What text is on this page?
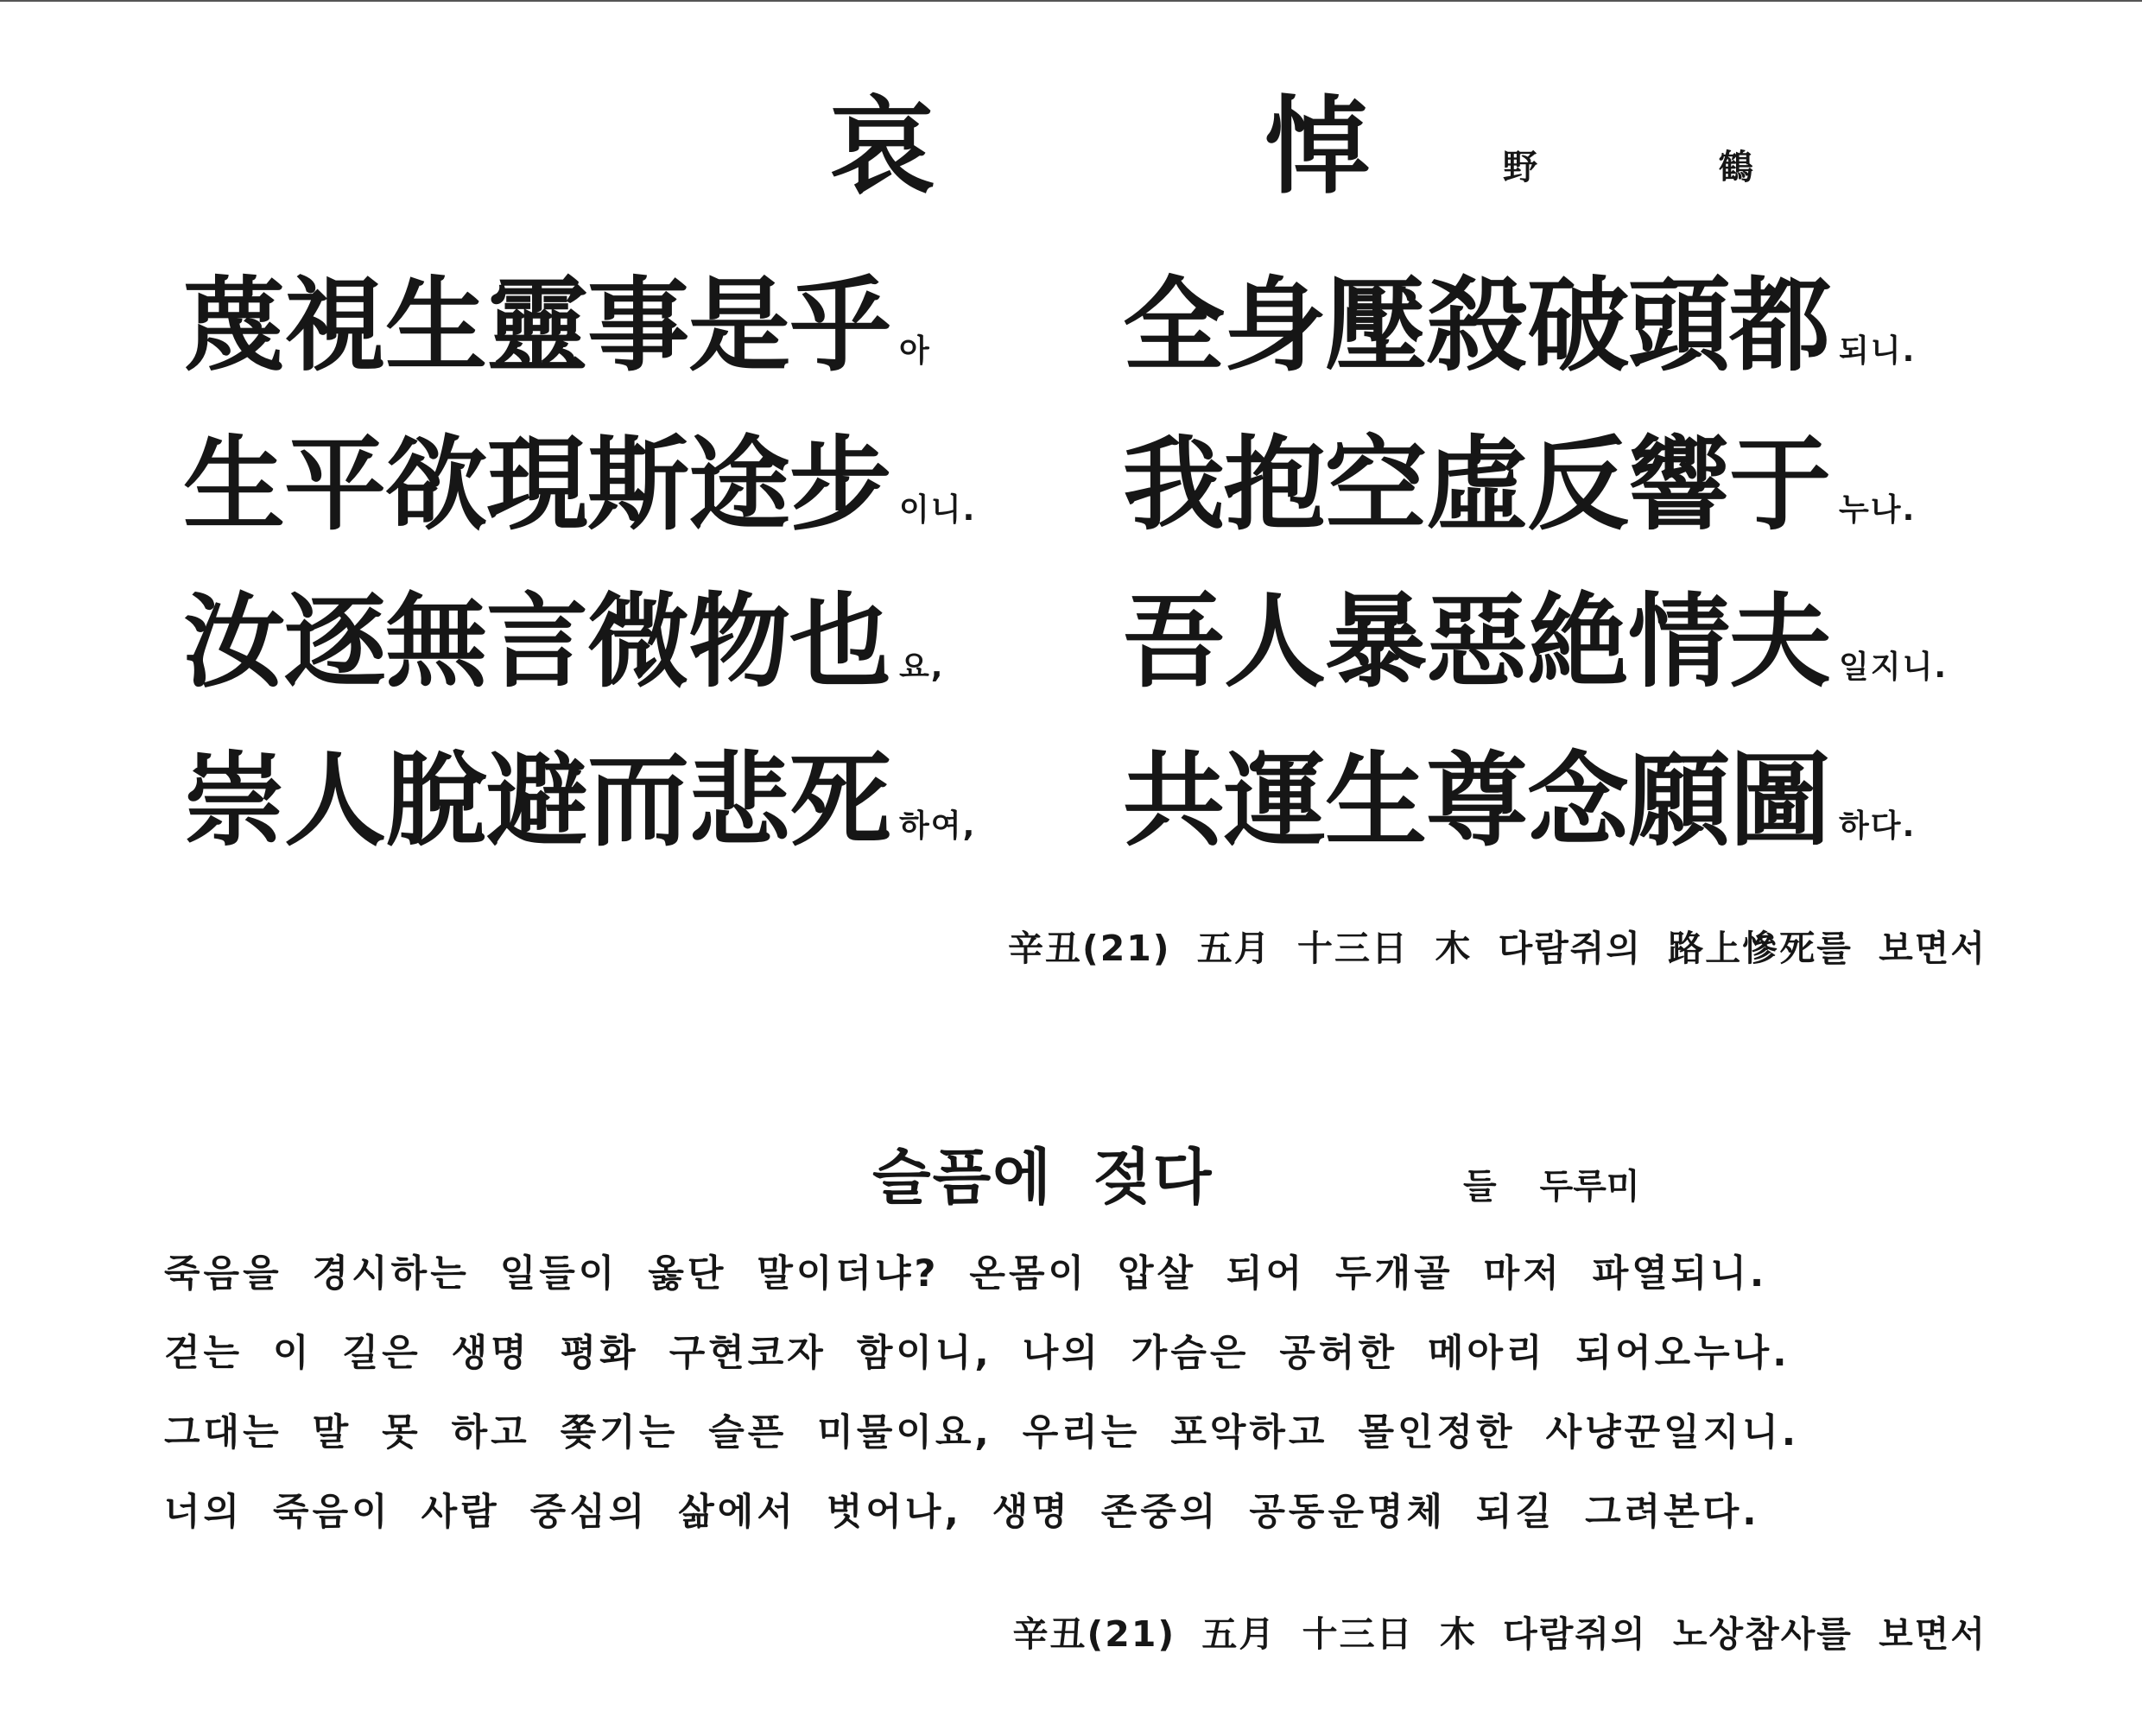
哀 悼
野 鶴
蔑視生靈事是乎 아
生平欲現斯途步 이니.
汝逐無言微物也 요,
崇人脫避而悲死 하여,
全身壓殺破頭都 되니.
我抱空虛反響于 누나.
吾人暴惡絶情夫 일지니.
共運生尊念願圖 하다.
辛丑(21) 五月 十三日 木 다람쥐의 路上慘死를 보면서
슬픔에 젖다	들 두루미
죽음을 경시하는 일들이 옳단 말이더냐? 온몸이 압살 되어 두개골 마저 파열되니.
걷는 이 길은 생명 평화 구현코자 함이니, 나의 가슴은 공허한 메아리 되어오누나.
그대는 말 못 하고 쫒기는 슬픈 미물이요, 우리는 포악하고 몰인정한 사냥꾼일지니.
너의 죽음이 사람 중심의 삶에서 벗어나, 생명 존중의 공동운명체 되길 그려본다.
辛丑(21) 五月 十三日 木 다람쥐의 노상참사를 보면서
